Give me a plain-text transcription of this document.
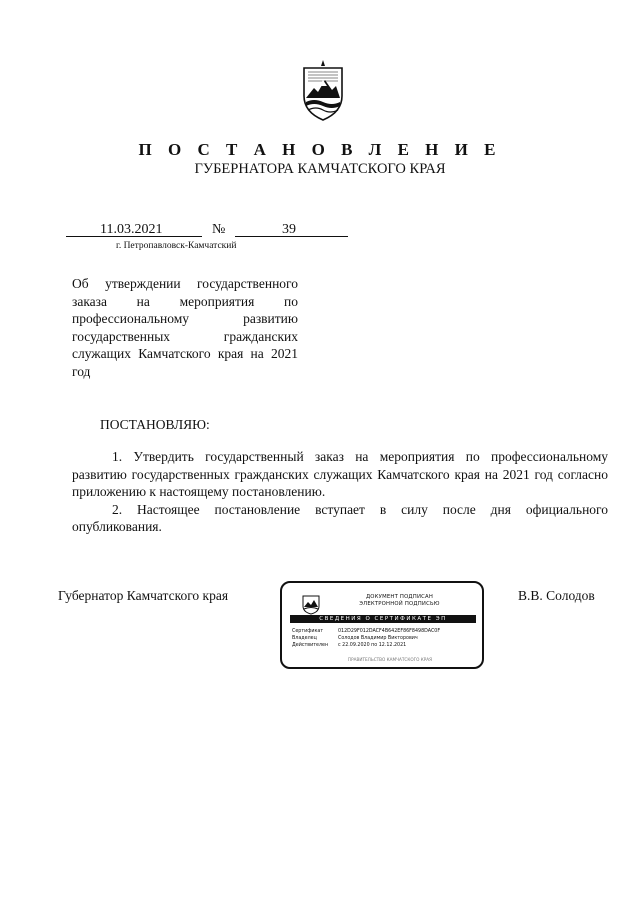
П О С Т А Н О В Л Е Н И Е
ГУБЕРНАТОРА КАМЧАТСКОГО КРАЯ
11.03.2021	№	39
г. Петропавловск-Камчатский
Об утверждении государственного заказа на мероприятия по профессиональному развитию государственных гражданских служащих Камчатского края на 2021 год
ПОСТАНОВЛЯЮ:

1. Утвердить государственный заказ на мероприятия по профессиональному развитию государственных гражданских служащих Камчатского края на 2021 год согласно приложению к настоящему постановлению.

2. Настоящее постановление вступает в силу после дня официального опубликования.

Губернатор Камчатского края	В.В. Солодов
ДОКУМЕНТ ПОДПИСАН
ЭЛЕКТРОННОЙ ПОДПИСЬЮ
СВЕДЕНИЯ О СЕРТИФИКАТЕ ЭП
Сертификат	012D29F012DACF4B642EF86F8498DAC0F
Владелец	Солодов Владимир Викторович
Действителен с 22.09.2020 по 12.12.2021
ПРАВИТЕЛЬСТВО КАМЧАТСКОГО КРАЯ
